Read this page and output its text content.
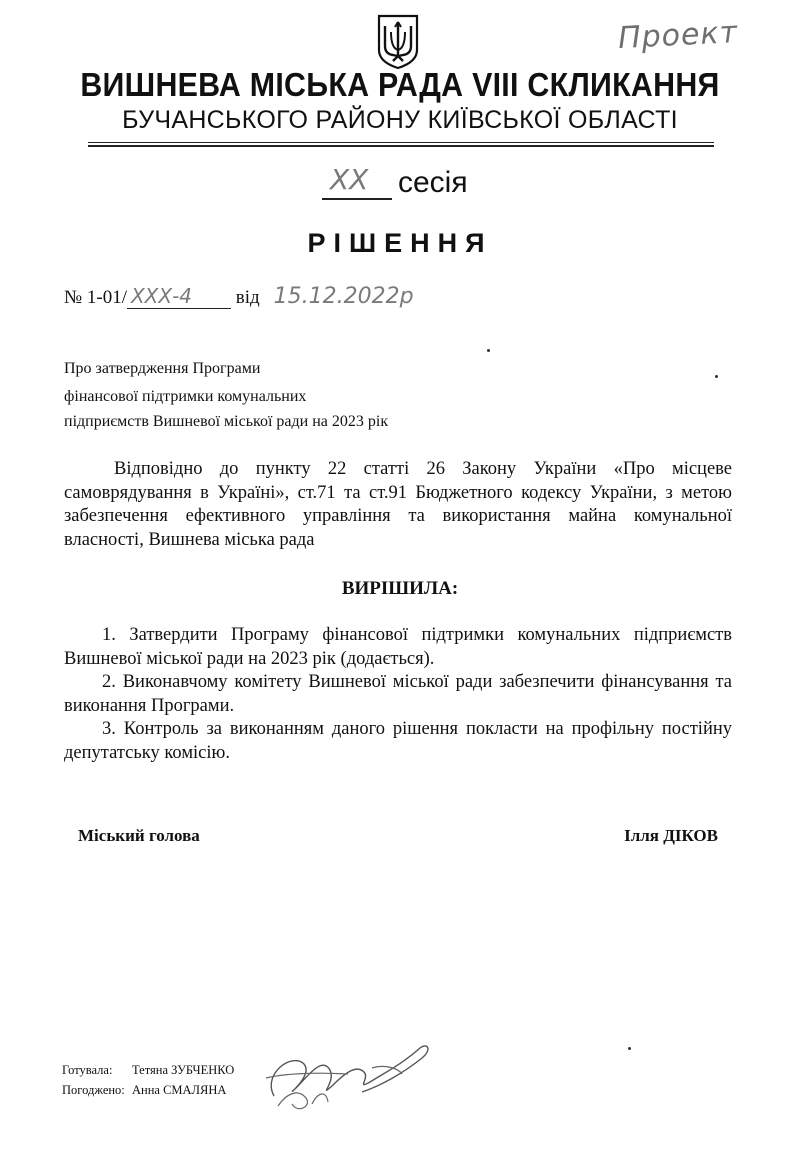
Проект
ВИШНЕВА МІСЬКА РАДА VIII СКЛИКАННЯ
БУЧАНСЬКОГО РАЙОНУ КИЇВСЬКОЇ ОБЛАСТІ
XX сесія
РІШЕННЯ
№ 1-01/ XXХ-4 від 15.12.2022р
Про затвердження Програми
фінансової підтримки комунальних
підприємств Вишневої міської ради на 2023 рік
Відповідно до пункту 22 статті 26 Закону України «Про місцеве самоврядування в Україні», ст.71 та ст.91 Бюджетного кодексу України, з метою забезпечення ефективного управління та використання майна комунальної власності, Вишнева міська рада
ВИРІШИЛА:
1. Затвердити Програму фінансової підтримки комунальних підприємств Вишневої міської ради на 2023 рік (додається).
2. Виконавчому комітету Вишневої міської ради забезпечити фінансування та виконання Програми.
3. Контроль за виконанням даного рішення покласти на профільну постійну депутатську комісію.
Міський голова	Ілля ДІКОВ
Готувала: Тетяна ЗУБЧЕНКО
Погоджено: Анна СМАЛЯНА
